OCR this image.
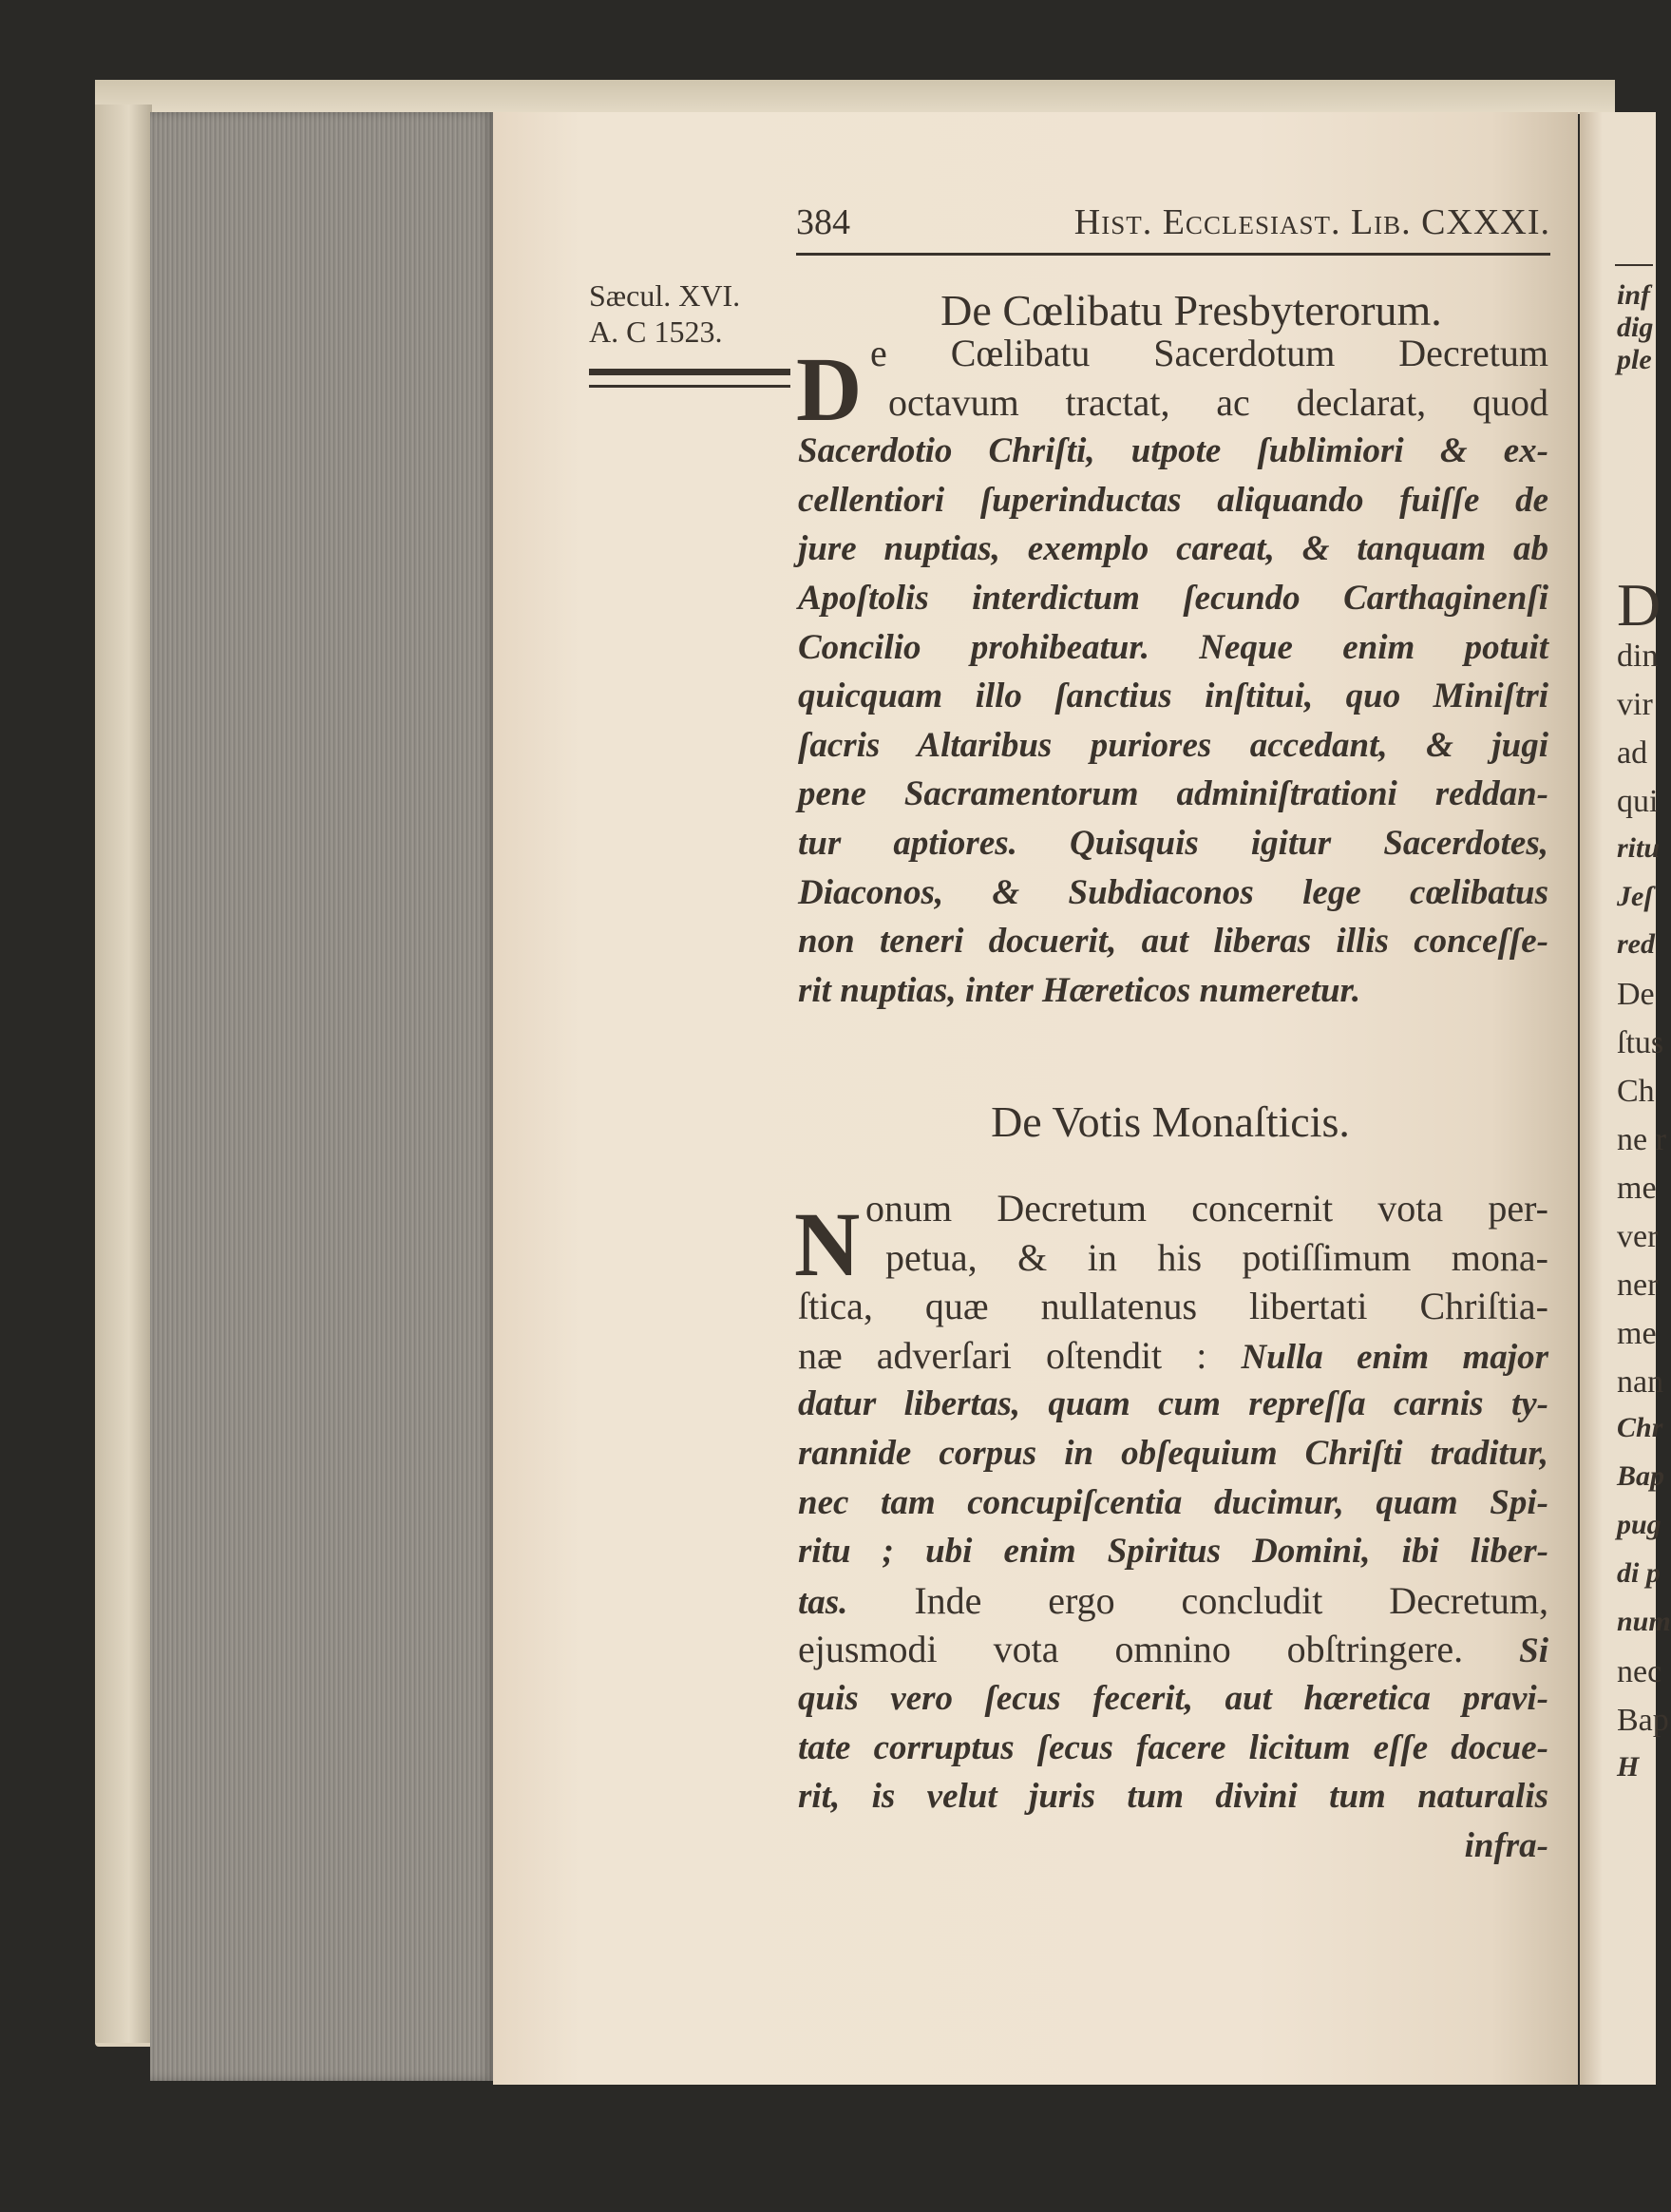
384	Hist. Ecclesiast. Lib. CXXXI.
Sæcul. XVI.
A. C 1523.	De Cœlibatu Presbyterorum.
D e Cœlibatu Sacerdotum Decretum
octavum tractat, ac declarat, quod
Sacerdotio Chriſti, utpote ſublimiori & ex-
cellentiori ſuperinductas aliquando fuiſſe de
jure nuptias, exemplo careat, & tanquam ab
Apoſtolis interdictum ſecundo Carthaginenſi
Concilio prohibeatur. Neque enim potuit
quicquam illo ſanctius inſtitui, quo Miniſtri
ſacris Altaribus puriores accedant, & jugi
pene Sacramentorum adminiſtrationi reddan-
tur aptiores. Quisquis igitur Sacerdotes,
Diaconos, & Subdiaconos lege cœlibatus
non teneri docuerit, aut liberas illis conceſſe-
rit nuptias, inter Hæreticos numeretur.
De Votis Monaſticis.
N onum Decretum concernit vota per-
petua, & in his potiſſimum mona-
ſtica, quæ nullatenus libertati Chriſtia-
næ adverſari oſtendit : Nulla enim major
datur libertas, quam cum repreſſa carnis ty-
rannide corpus in obſequium Chriſti traditur,
nec tam concupiſcentia ducimur, quam Spi-
ritu ; ubi enim Spiritus Domini, ibi liber-
tas. Inde ergo concludit Decretum,
ejusmodi vota omnino obſtringere. Si
quis vero ſecus fecerit, aut hæretica pravi-
tate corruptus ſecus facere licitum eſſe docue-
rit, is velut juris tum divini tum naturalis
infra-
inf
dig
ple
din
vir
ad
qui
ritu
Jeſ
red
De
ſtus
Ch
ne r
me
ver
ner
me
nan
Chr
Bap
pug
di p
num
nec
Bap
H
D
